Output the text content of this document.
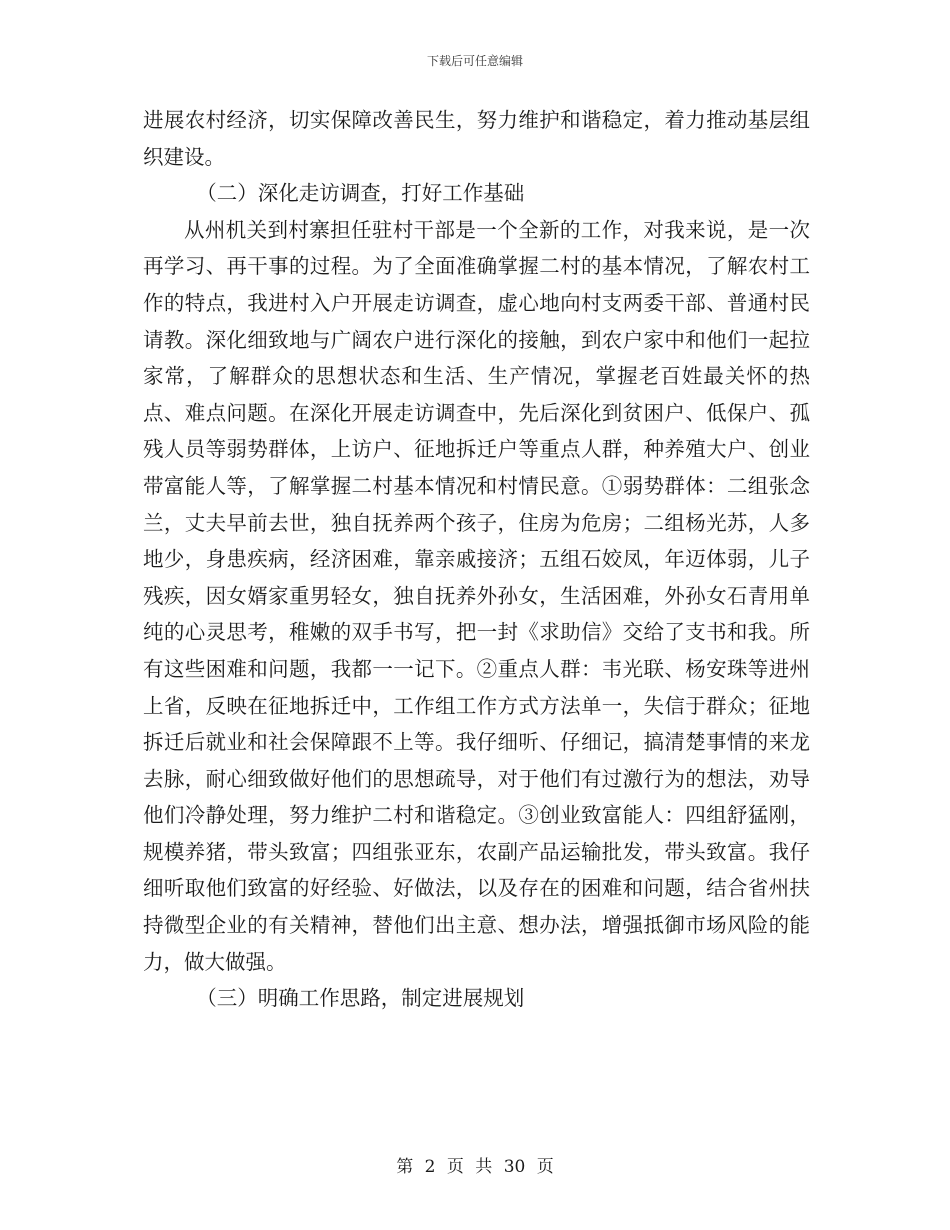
下载后可任意编辑

进展农村经济，切实保障改善民生，努力维护和谐稳定，着力推动基层组织建设。

（二）深化走访调查，打好工作基础

从州机关到村寨担任驻村干部是一个全新的工作，对我来说，是一次再学习、再干事的过程。为了全面准确掌握二村的基本情况，了解农村工作的特点，我进村入户开展走访调查，虚心地向村支两委干部、普通村民请教。深化细致地与广阔农户进行深化的接触，到农户家中和他们一起拉家常，了解群众的思想状态和生活、生产情况，掌握老百姓最关怀的热点、难点问题。在深化开展走访调查中，先后深化到贫困户、低保户、孤残人员等弱势群体，上访户、征地拆迁户等重点人群，种养殖大户、创业带富能人等，了解掌握二村基本情况和村情民意。①弱势群体：二组张念兰，丈夫早前去世，独自抚养两个孩子，住房为危房；二组杨光苏，人多地少，身患疾病，经济困难，靠亲戚接济；五组石姣凤，年迈体弱，儿子残疾，因女婿家重男轻女，独自抚养外孙女，生活困难，外孙女石青用单纯的心灵思考，稚嫩的双手书写，把一封《求助信》交给了支书和我。所有这些困难和问题，我都一一记下。②重点人群：韦光联、杨安珠等进州上省，反映在征地拆迁中，工作组工作方式方法单一，失信于群众；征地拆迁后就业和社会保障跟不上等。我仔细听、仔细记，搞清楚事情的来龙去脉，耐心细致做好他们的思想疏导，对于他们有过激行为的想法，劝导他们冷静处理，努力维护二村和谐稳定。③创业致富能人：四组舒猛刚，规模养猪，带头致富；四组张亚东，农副产品运输批发，带头致富。我仔细听取他们致富的好经验、好做法，以及存在的困难和问题，结合省州扶持微型企业的有关精神，替他们出主意、想办法，增强抵御市场风险的能力，做大做强。

（三）明确工作思路，制定进展规划

第 2 页 共 30 页
